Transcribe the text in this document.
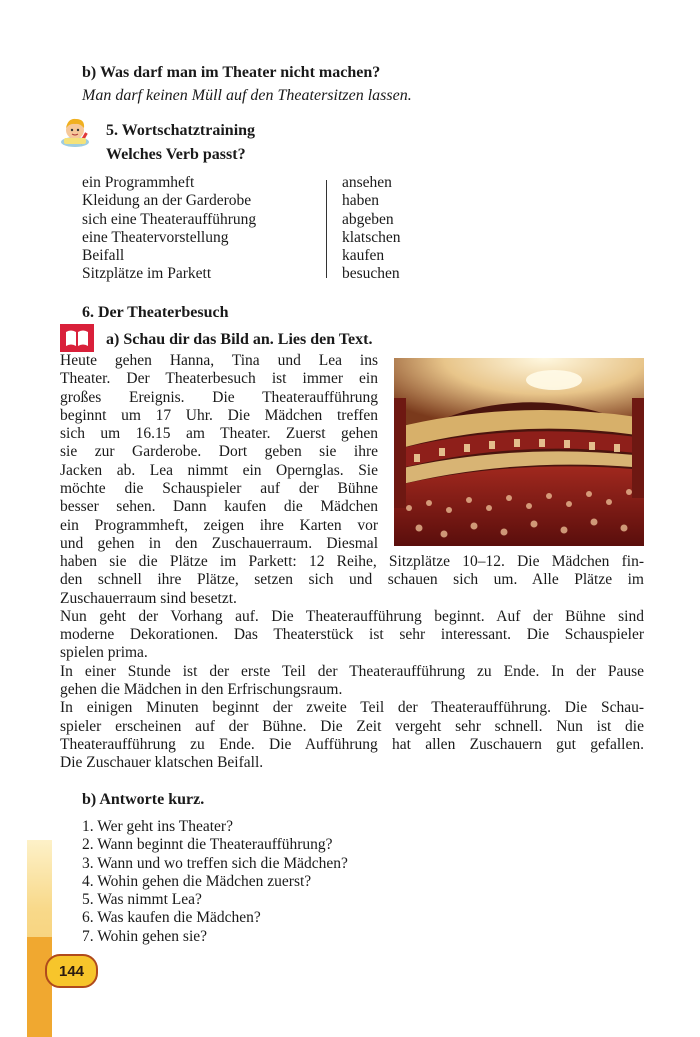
144
b) Was darf man im Theater nicht machen?
Man darf keinen Müll auf den Theatersitzen lassen.
5. Wortschatztraining
Welches Verb passt?
ein Programmheft
Kleidung an der Garderobe
sich eine Theateraufführung
eine Theatervorstellung
Beifall
Sitzplätze im Parkett
ansehen
haben
abgeben
klatschen
kaufen
besuchen
6. Der Theaterbesuch
a) Schau dir das Bild an. Lies den Text.
Heute gehen Hanna, Tina und Lea ins
Theater. Der Theaterbesuch ist immer ein
großes Ereignis. Die Theateraufführung
beginnt um 17 Uhr. Die Mädchen treffen
sich um 16.15 am Theater. Zuerst gehen
sie zur Garderobe. Dort geben sie ihre
Jacken ab. Lea nimmt ein Opernglas. Sie
möchte die Schauspieler auf der Bühne
besser sehen. Dann kaufen die Mädchen
ein Programmheft, zeigen ihre Karten vor
und gehen in den Zuschauerraum. Diesmal
haben sie die Plätze im Parkett: 12 Reihe, Sitzplätze 10–12. Die Mädchen fin-
den schnell ihre Plätze, setzen sich und schauen sich um. Alle Plätze im
Zuschauerraum sind besetzt.
Nun geht der Vorhang auf. Die Theateraufführung beginnt. Auf der Bühne sind
moderne Dekorationen. Das Theaterstück ist sehr interessant. Die Schauspieler
spielen prima.
In einer Stunde ist der erste Teil der Theateraufführung zu Ende. In der Pause
gehen die Mädchen in den Erfrischungsraum.
In einigen Minuten beginnt der zweite Teil der Theateraufführung. Die Schau-
spieler erscheinen auf der Bühne. Die Zeit vergeht sehr schnell. Nun ist die
Theateraufführung zu Ende. Die Aufführung hat allen Zuschauern gut gefallen.
Die Zuschauer klatschen Beifall.
b) Antworte kurz.
1. Wer geht ins Theater?
2. Wann beginnt die Theateraufführung?
3. Wann und wo treffen sich die Mädchen?
4. Wohin gehen die Mädchen zuerst?
5. Was nimmt Lea?
6. Was kaufen die Mädchen?
7. Wohin gehen sie?
